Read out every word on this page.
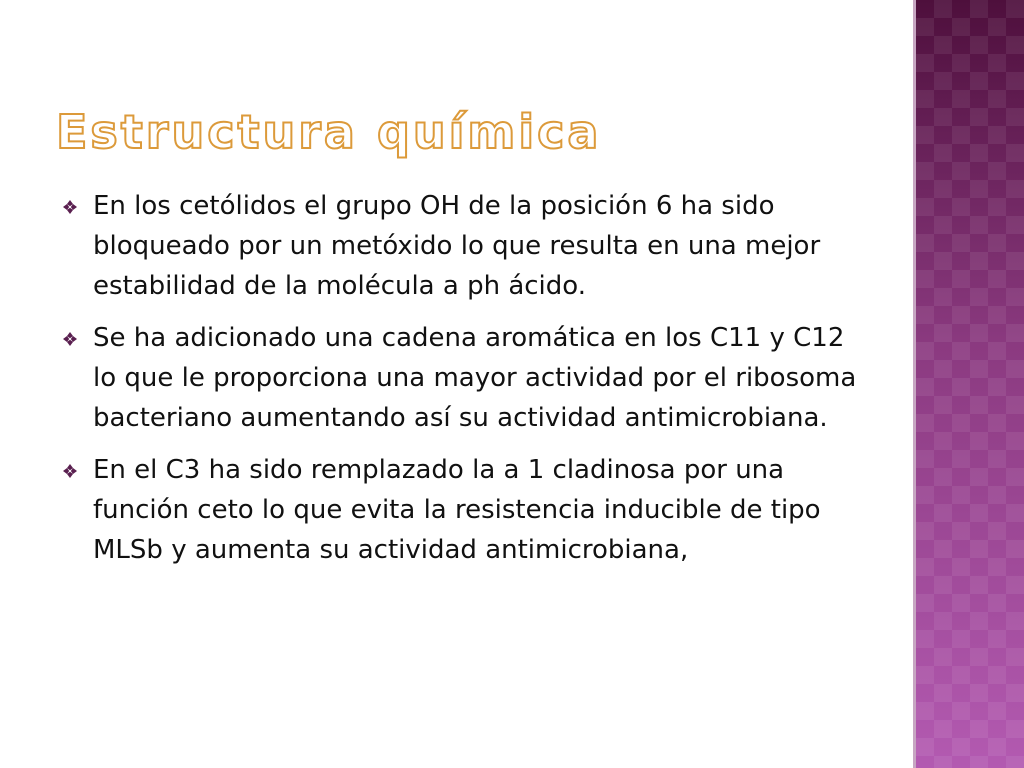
Estructura química
En los cetólidos el grupo OH de la posición 6 ha sido bloqueado por un metóxido lo que resulta en una mejor estabilidad de la molécula a ph ácido.
Se ha adicionado una cadena aromática en los C11 y C12 lo que le proporciona una mayor actividad por el ribosoma bacteriano aumentando así su actividad antimicrobiana.
En el C3 ha sido remplazado la a 1 cladinosa por una función ceto lo que evita la resistencia inducible de tipo MLSb y aumenta su actividad antimicrobiana,
